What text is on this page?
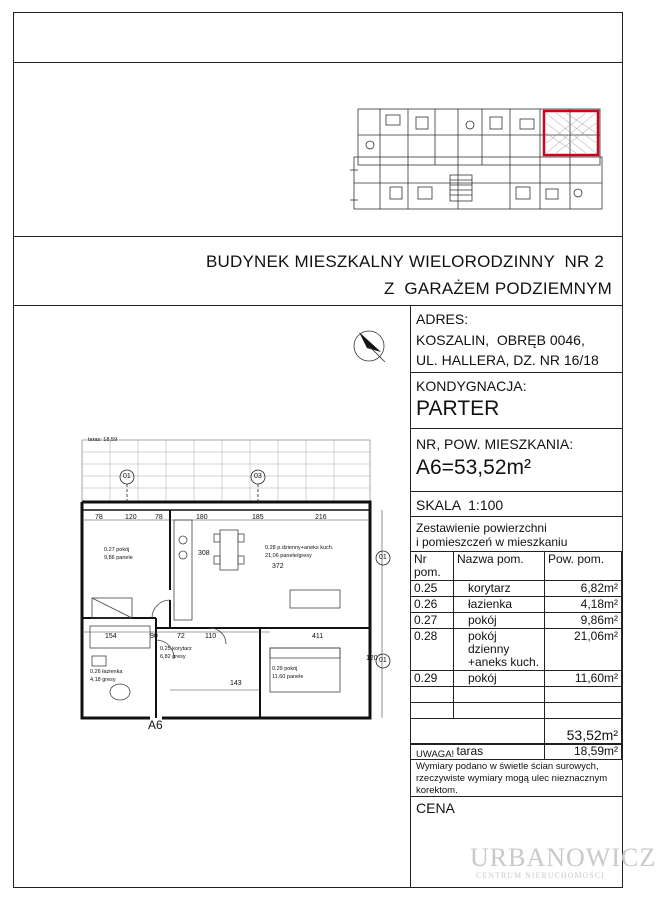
BUDYNEK MIESZKALNY WIELORODZINNY  NR 2
Z  GARAŻEM PODZIEMNYM
ADRES:
KOSZALIN,  OBRĘB 0046,
UL. HALLERA, DZ. NR 16/18
KONDYGNACJA:
PARTER
NR, POW. MIESZKANIA:
A6=53,52m²
SKALA  1:100
Zestawienie powierzchni
i pomieszczeń w mieszkaniu
Nr pom.	Nazwa pom.	Pow. pom.
0.25	korytarz	6,82m²
0.26	łazienka	4,18m²
0.27	pokój	9,86m²
0.28	pokój dzienny +aneks kuch.	21,06m²
0.29	pokój	11,60m²

		53,52m²
	taras	18,59m²
UWAGA!
Wymiary podano w świetle ścian surowych,
rzeczywiste wymiary mogą ulec nieznacznym
korektom.
CENA
taras: 18,59
01	03
01
01
78	120	78	180	185	216
154	90	72	110	411
372
308
120
143
0.27 pokój
9,86 panele
0.28 p.dzienny+aneks kuch.
21,06 panele/gresy
0.26 łazienka
4,18 gresy
0.25 korytarz
6,82 gresy
0.29 pokój
11,60 panele
A6
URBANOWICZ
CENTRUM NIERUCHOMOŚCI
